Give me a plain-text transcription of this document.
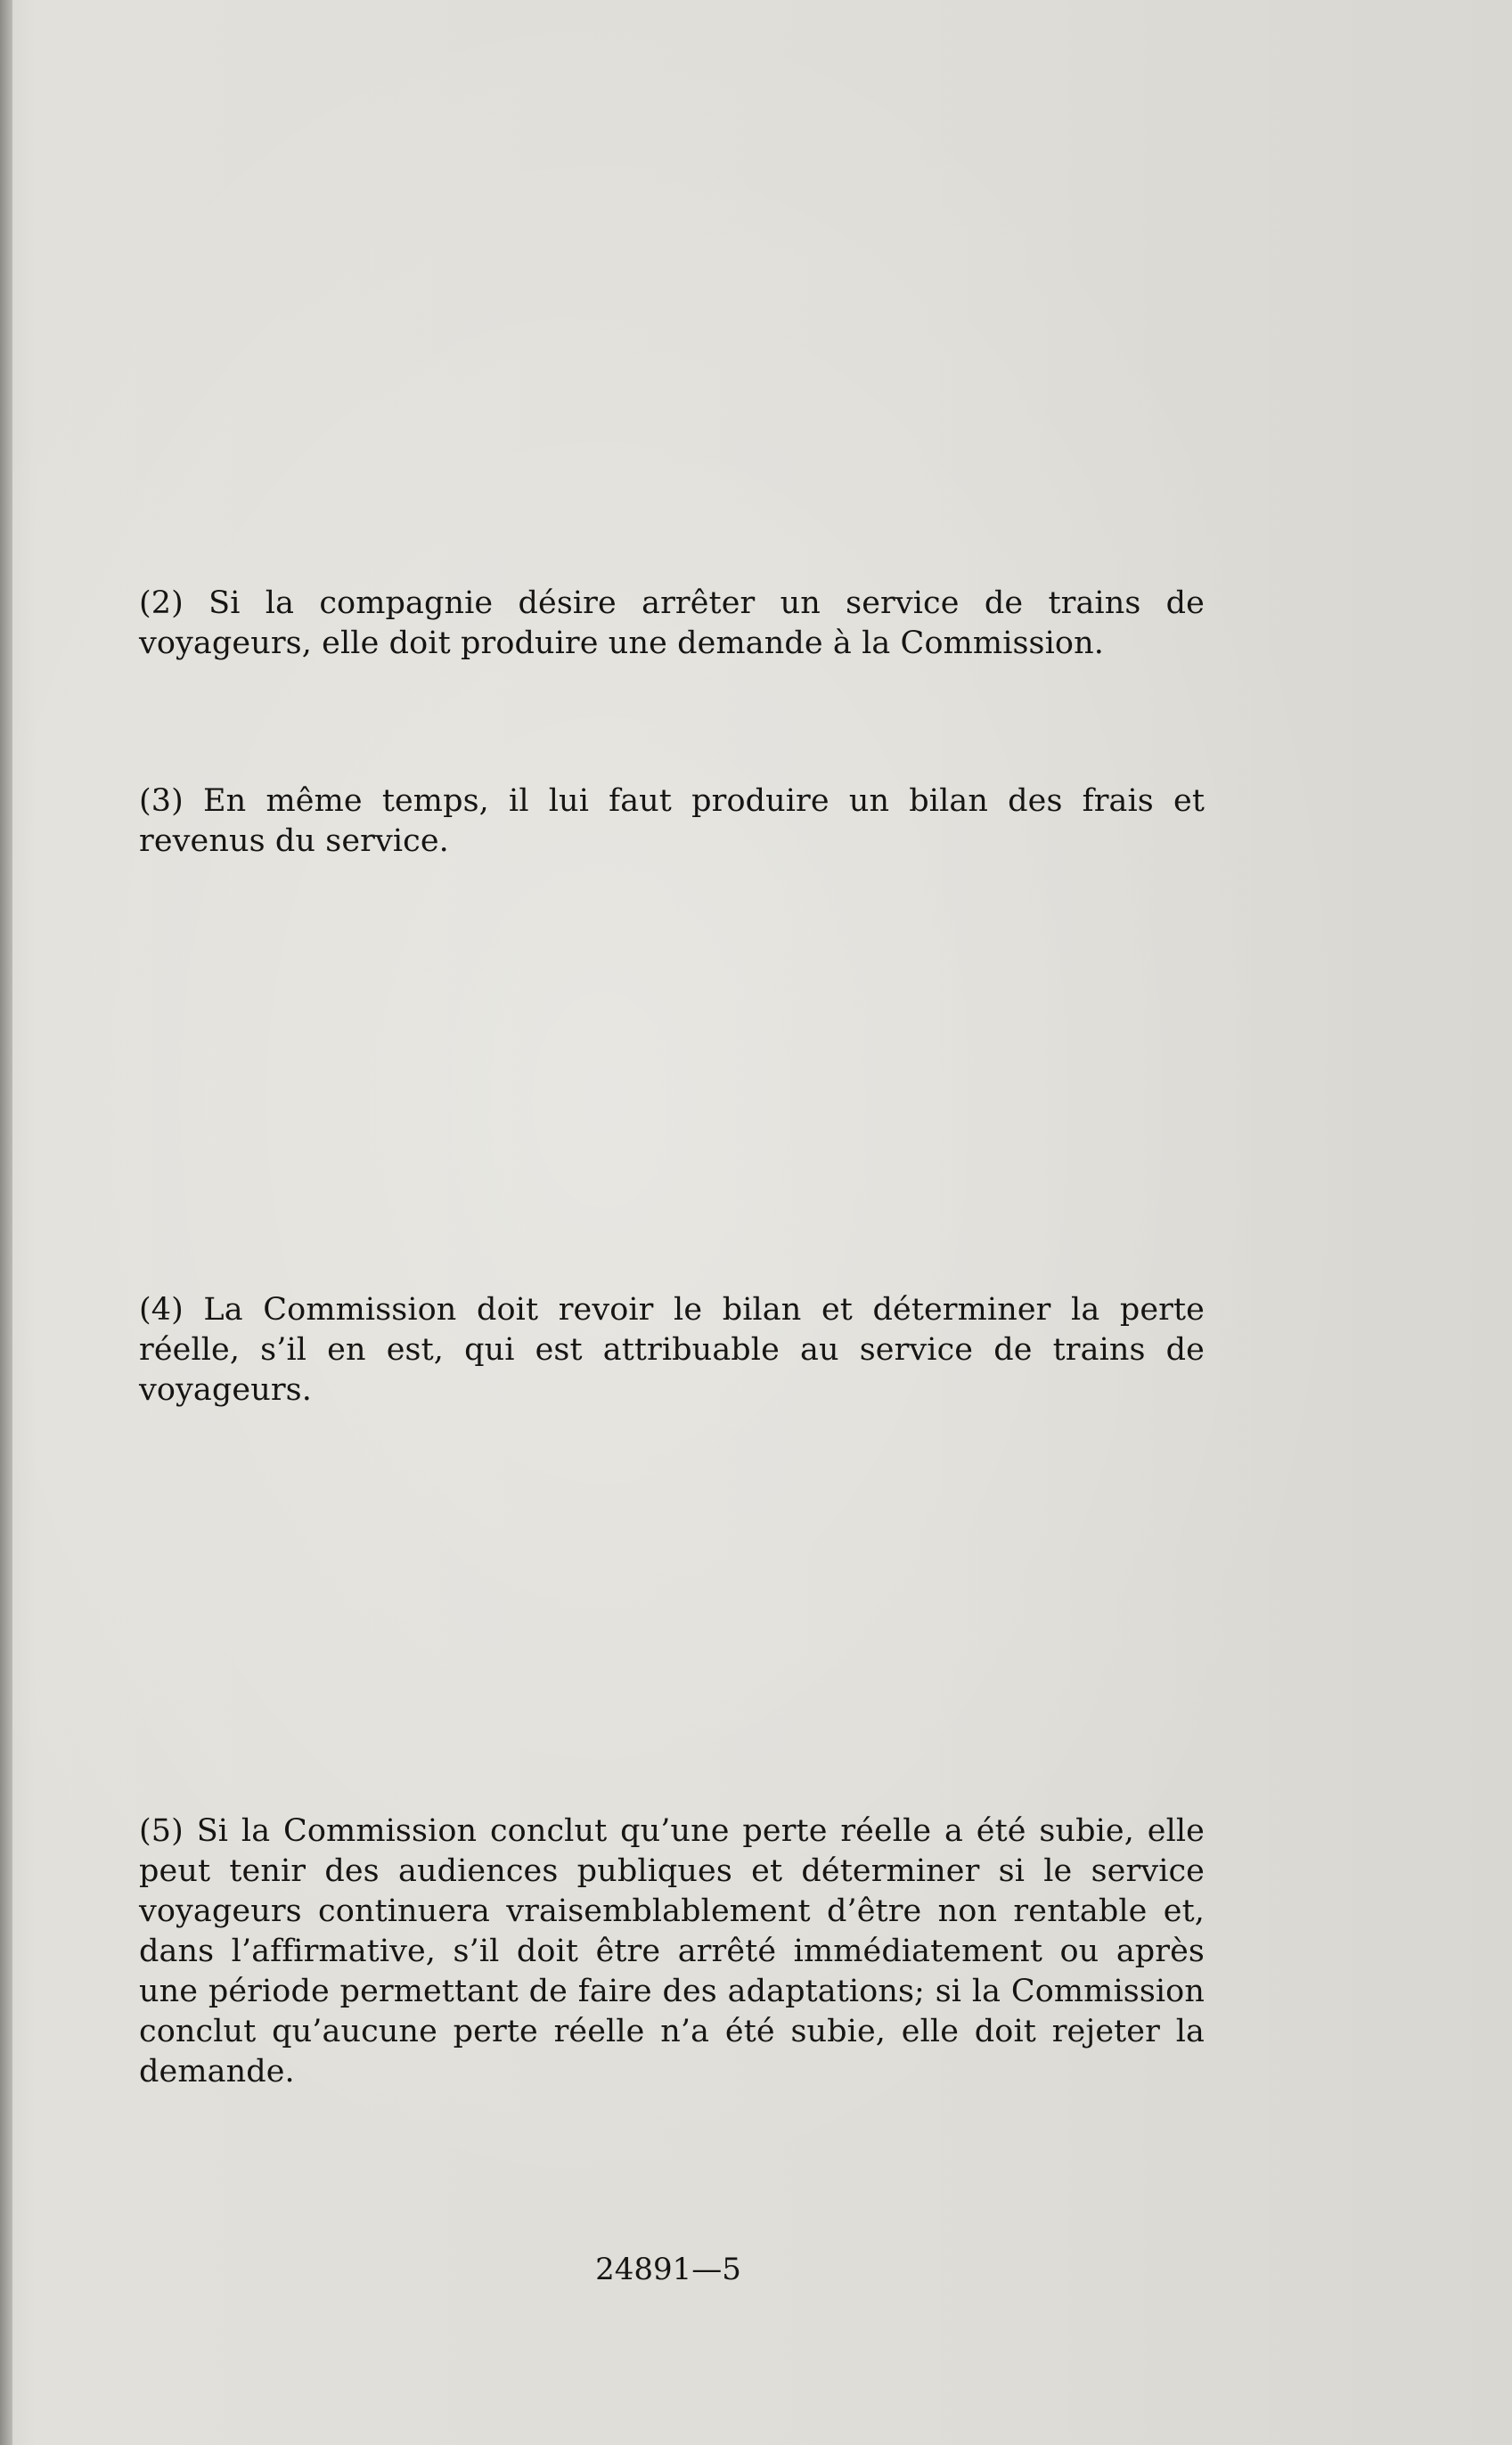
(2) Si la compagnie désire arrêter un service de trains de voyageurs, elle doit produire une demande à la Commission.

(3) En même temps, il lui faut produire un bilan des frais et revenus du service.

(4) La Commission doit revoir le bilan et déterminer la perte réelle, s’il en est, qui est attribuable au service de trains de voyageurs.

(5) Si la Commission conclut qu’une perte réelle a été subie, elle peut tenir des audiences publiques et déterminer si le service voyageurs continuera vraisemblablement d’être non rentable et, dans l’affirmative, s’il doit être arrêté immédiatement ou après une période permettant de faire des adaptations; si la Commission conclut qu’aucune perte réelle n’a été subie, elle doit rejeter la demande.

24891—5
